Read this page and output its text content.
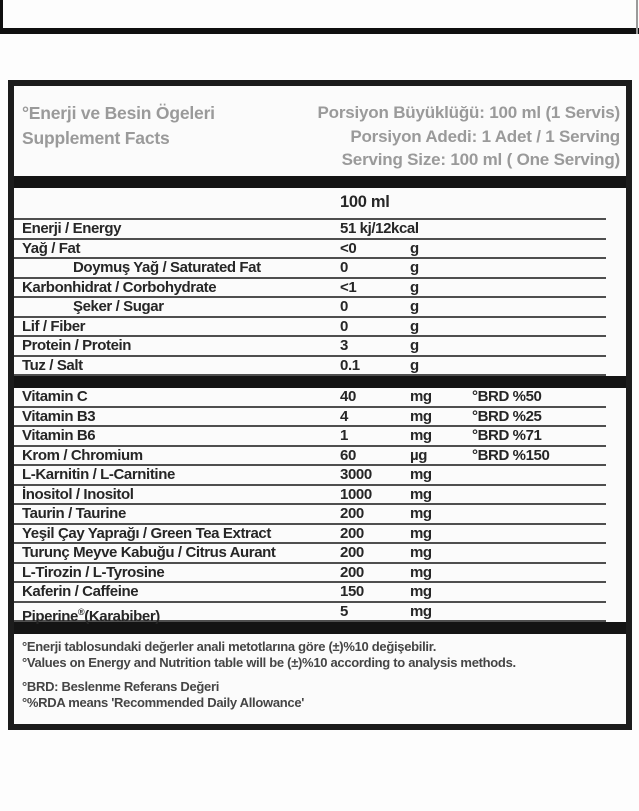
°Enerji ve Besin Ögeleri
Supplement Facts
Porsiyon Büyüklüğü: 100 ml (1 Servis)
Porsiyon Adedi: 1 Adet / 1 Serving
Serving Size: 100 ml ( One Serving)
100 ml
Enerji / Energy	51 kj/12kcal
Yağ / Fat	<0	g
Doymuş Yağ / Saturated Fat	0	g
Karbonhidrat / Corbohydrate	<1	g
Şeker / Sugar	0	g
Lif / Fiber	0	g
Protein / Protein	3	g
Tuz / Salt	0.1	g
Vitamin C	40	mg	°BRD %50
Vitamin B3	4	mg	°BRD %25
Vitamin B6	1	mg	°BRD %71
Krom / Chromium	60	µg	°BRD %150
L-Karnitin / L-Carnitine	3000	mg
İnositol / Inositol	1000	mg
Taurin / Taurine	200	mg
Yeşil Çay Yaprağı / Green Tea Extract	200	mg
Turunç Meyve Kabuğu / Citrus Aurant	200	mg
L-Tirozin / L-Tyrosine	200	mg
Kaferin / Caffeine	150	mg
Piperine®(Karabiber)	5	mg
°Enerji tablosundaki değerler anali metotlarına göre (±)%10 değişebilir.
°Values on Energy and Nutrition table will be (±)%10 according to analysis methods.
°BRD: Beslenme Referans Değeri
°%RDA means 'Recommended Daily Allowance'
